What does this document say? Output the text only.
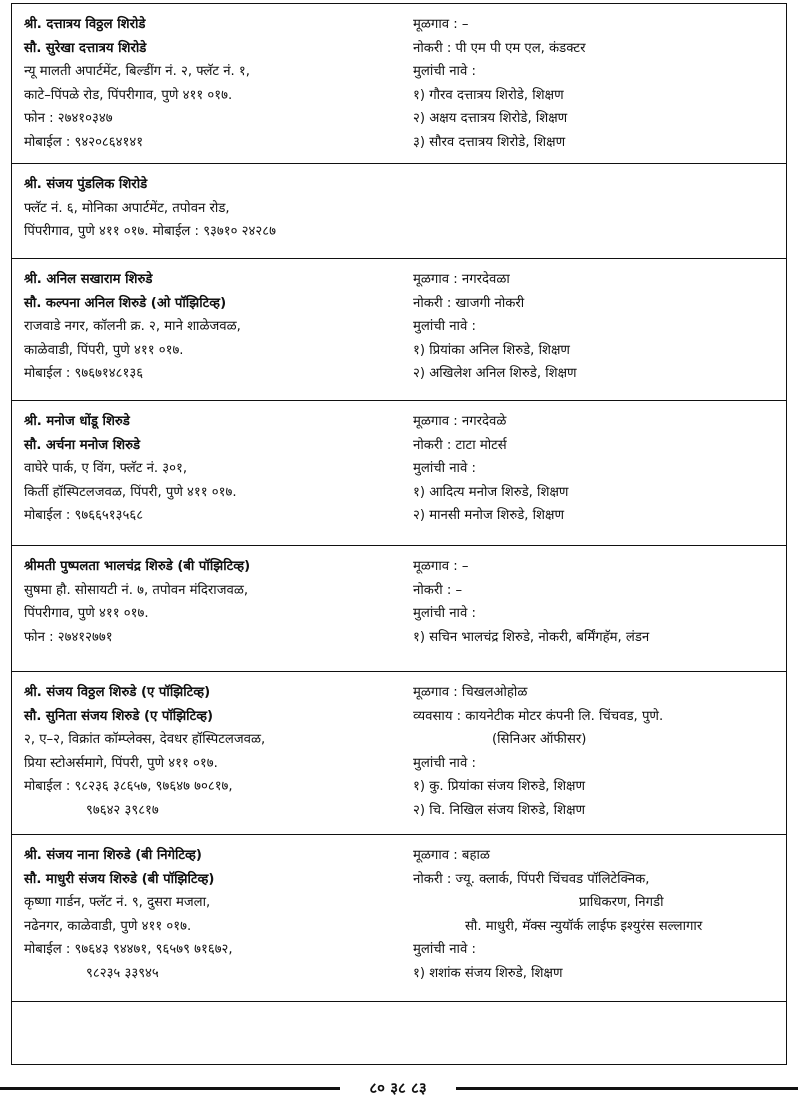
श्री. दत्तात्रय विठ्ठल शिरोडे
सौ. सुरेखा दत्तात्रय शिरोडे
न्यू मालती अपार्टमेंट, बिल्डींग नं. २, फ्लॅट नं. १,
काटे–पिंपळे रोड, पिंपरीगाव, पुणे ४११ ०१७.
फोन : २७४१०३४७
मोबाईल : ९४२०८६४१४१
मूळगाव : –
नोकरी : पी एम पी एम एल, कंडक्टर
मुलांची नावे :
१) गौरव दत्तात्रय शिरोडे, शिक्षण
२) अक्षय दत्तात्रय शिरोडे, शिक्षण
३) सौरव दत्तात्रय शिरोडे, शिक्षण
श्री. संजय पुंडलिक शिरोडे
फ्लॅट नं. ६, मोनिका अपार्टमेंट, तपोवन रोड,
पिंपरीगाव, पुणे ४११ ०१७. मोबाईल : ९३७१० २४२८७
श्री. अनिल सखाराम शिरुडे
सौ. कल्पना अनिल शिरुडे (ओ पॉझिटिव्ह)
राजवाडे नगर, कॉलनी क्र. २, माने शाळेजवळ,
काळेवाडी, पिंपरी, पुणे ४११ ०१७.
मोबाईल : ९७६७१४८१३६
मूळगाव : नगरदेवळा
नोकरी : खाजगी नोकरी
मुलांची नावे :
१) प्रियांका अनिल शिरुडे, शिक्षण
२) अखिलेश अनिल शिरुडे, शिक्षण
श्री. मनोज धोंडू शिरुडे
सौ. अर्चना मनोज शिरुडे
वाघेरे पार्क, ए विंग, फ्लॅट नं. ३०१,
किर्ती हॉस्पिटलजवळ, पिंपरी, पुणे ४११ ०१७.
मोबाईल : ९७६६५१३५६८
मूळगाव : नगरदेवळे
नोकरी : टाटा मोटर्स
मुलांची नावे :
१) आदित्य मनोज शिरुडे, शिक्षण
२) मानसी मनोज शिरुडे, शिक्षण
श्रीमती पुष्पलता भालचंद्र शिरुडे (बी पॉझिटिव्ह)
सुषमा हौ. सोसायटी नं. ७, तपोवन मंदिराजवळ,
पिंपरीगाव, पुणे ४११ ०१७.
फोन : २७४१२७७१
मूळगाव : –
नोकरी : –
मुलांची नावे :
१) सचिन भालचंद्र शिरुडे, नोकरी, बर्मिंगहॅम, लंडन
श्री. संजय विठ्ठल शिरुडे (ए पॉझिटिव्ह)
सौ. सुनिता संजय शिरुडे (ए पॉझिटिव्ह)
२, ए–२, विक्रांत कॉम्प्लेक्स, देवधर हॉस्पिटलजवळ,
प्रिया स्टोअर्समागे, पिंपरी, पुणे ४११ ०१७.
मोबाईल : ९८२३६ ३८६५७, ९७६४७ ७०८१७,
९७६४२ ३९८१७
मूळगाव : चिखलओहोळ
व्यवसाय : कायनेटीक मोटर कंपनी लि. चिंचवड, पुणे.
(सिनिअर ऑफीसर)
मुलांची नावे :
१) कु. प्रियांका संजय शिरुडे, शिक्षण
२) चि. निखिल संजय शिरुडे, शिक्षण
श्री. संजय नाना शिरुडे (बी निगेटिव्ह)
सौ. माधुरी संजय शिरुडे (बी पॉझिटिव्ह)
कृष्णा गार्डन, फ्लॅट नं. ९, दुसरा मजला,
नढेनगर, काळेवाडी, पुणे ४११ ०१७.
मोबाईल : ९७६४३ ९४४७१, ९६५७९ ७१६७२,
९८२३५ ३३९४५
मूळगाव : बहाळ
नोकरी : ज्यू. क्लार्क, पिंपरी चिंचवड पॉलिटेक्निक,
प्राधिकरण, निगडी
सौ. माधुरी, मॅक्स न्युयॉर्क लाईफ इश्युरंस सल्लागार
मुलांची नावे :
१) शशांक संजय शिरुडे, शिक्षण
८० ३८ ८३
